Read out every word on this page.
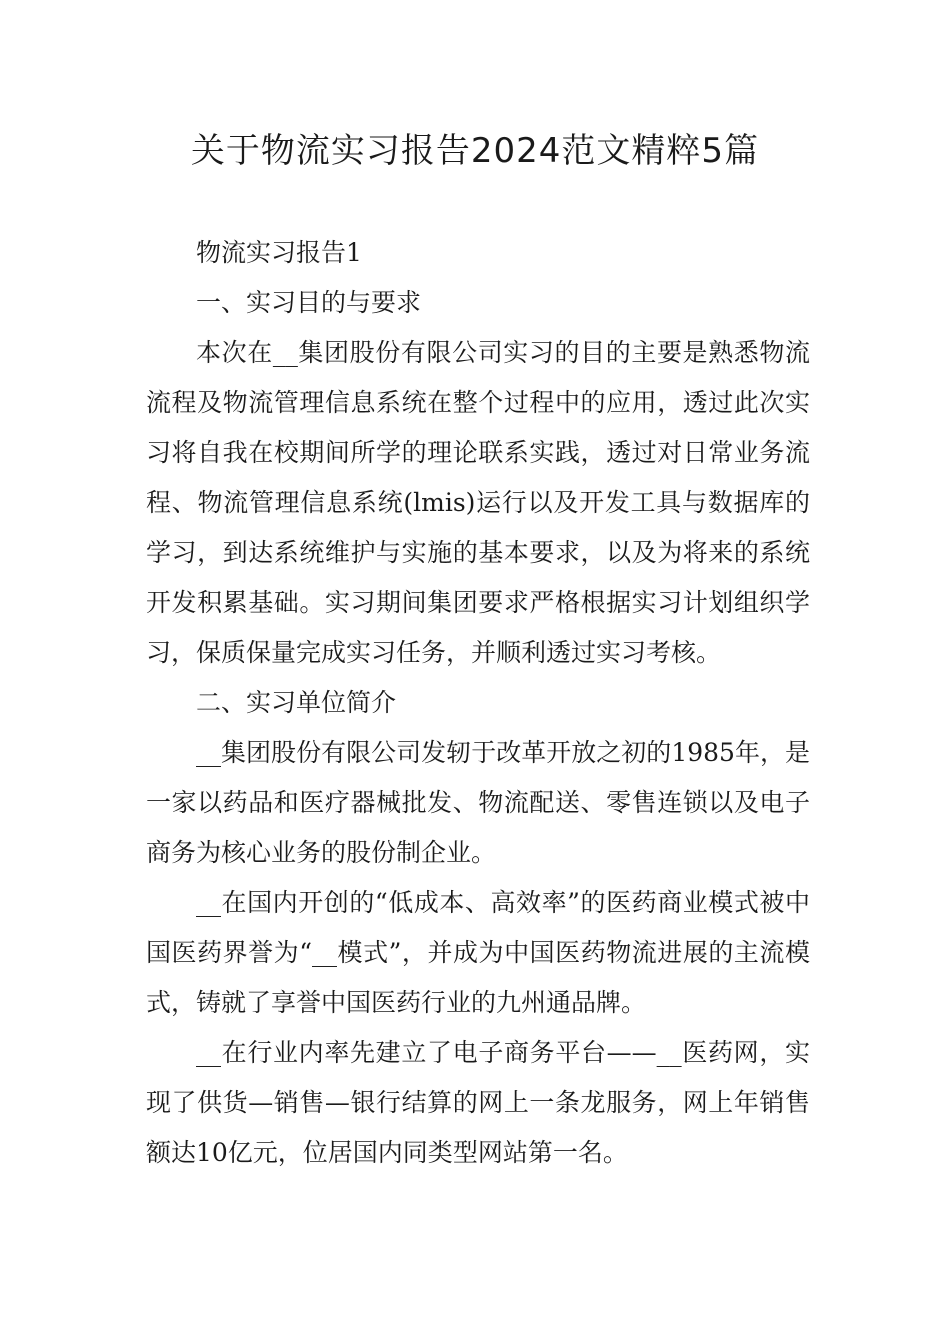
关于物流实习报告2024范文精粹5篇

物流实习报告1

一、实习目的与要求

本次在__集团股份有限公司实习的目的主要是熟悉物流流程及物流管理信息系统在整个过程中的应用，透过此次实习将自我在校期间所学的理论联系实践，透过对日常业务流程、物流管理信息系统(lmis)运行以及开发工具与数据库的学习，到达系统维护与实施的基本要求，以及为将来的系统开发积累基础。实习期间集团要求严格根据实习计划组织学习，保质保量完成实习任务，并顺利透过实习考核。

二、实习单位简介

__集团股份有限公司发轫于改革开放之初的1985年，是一家以药品和医疗器械批发、物流配送、零售连锁以及电子商务为核心业务的股份制企业。

__在国内开创的“低成本、高效率”的医药商业模式被中国医药界誉为“__模式”，并成为中国医药物流进展的主流模式，铸就了享誉中国医药行业的九州通品牌。

__在行业内率先建立了电子商务平台——__医药网，实现了供货—销售—银行结算的网上一条龙服务，网上年销售额达10亿元，位居国内同类型网站第一名。
